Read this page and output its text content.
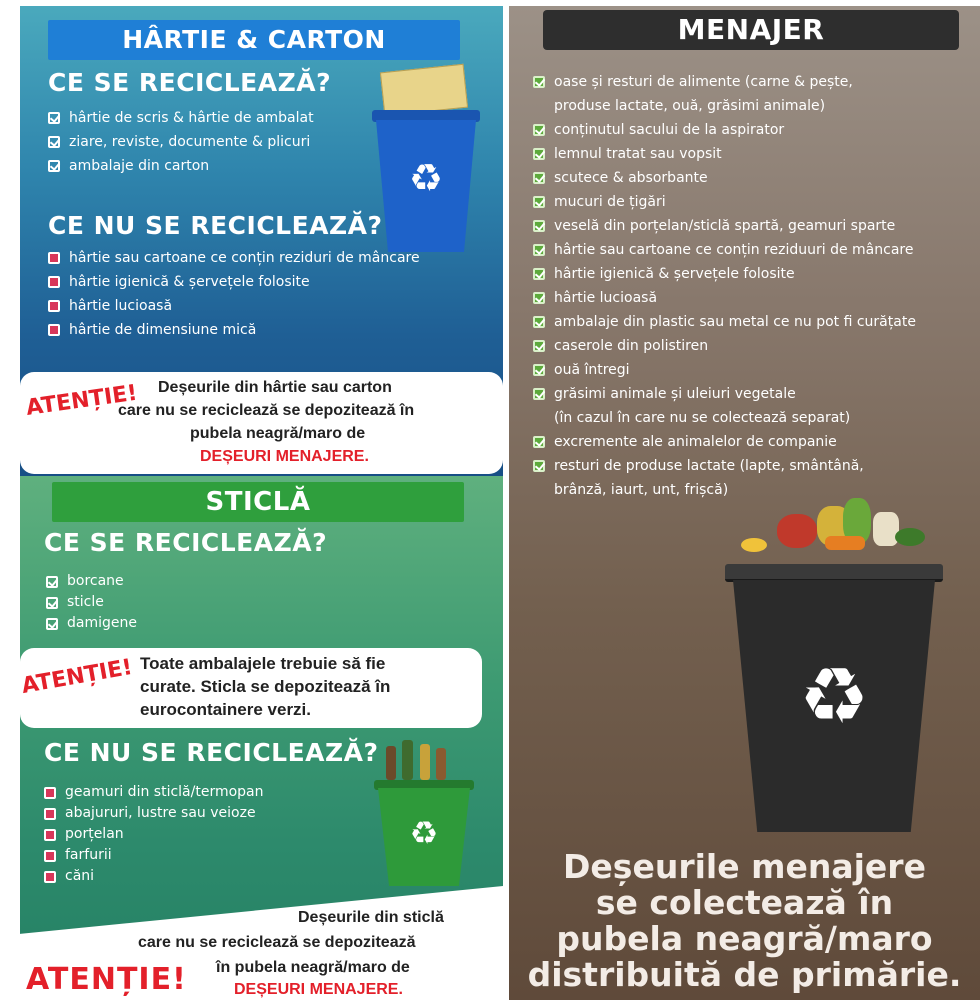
HÂRTIE & CARTON
CE SE RECICLEAZĂ?
hârtie de scris & hârtie de ambalat
ziare, reviste, documente & plicuri
ambalaje din carton	♻
CE NU SE RECICLEAZĂ?
hârtie sau cartoane ce conțin reziduri de mâncare
hârtie igienică & șervețele folosite
hârtie lucioasă
hârtie de dimensiune mică
ATENȚIE! Deșeurile din hârtie sau carton
care nu se reciclează se depozitează în
pubela neagră/maro de
DEȘEURI MENAJERE.
STICLĂ
CE SE RECICLEAZĂ?
borcane
sticle
damigene
ATENȚIE! Toate ambalajele trebuie să fie
curate. Sticla se depozitează în
eurocontainere verzi.
CE NU SE RECICLEAZĂ?
geamuri din sticlă/termopan
abajururi, lustre sau veioze
porțelan
farfurii
căni
♻
Deșeurile din sticlă
care nu se reciclează se depozitează
în pubela neagră/maro de
DEȘEURI MENAJERE.
ATENȚIE!
MENAJER
oase și resturi de alimente (carne & pește,
produse lactate, ouă, grăsimi animale)
conținutul sacului de la aspirator
lemnul tratat sau vopsit
scutece & absorbante
mucuri de țigări
veselă din porțelan/sticlă spartă, geamuri sparte
hârtie sau cartoane ce conțin reziduuri de mâncare
hârtie igienică & șervețele folosite
hârtie lucioasă
ambalaje din plastic sau metal ce nu pot fi curățate
caserole din polistiren
ouă întregi
grăsimi animale și uleiuri vegetale
(în cazul în care nu se colectează separat)
excremente ale animalelor de companie
resturi de produse lactate (lapte, smântână,
brânză, iaurt, unt, frișcă)
♻
Deșeurile menajere
se colectează în
pubela neagră/maro
distribuită de primărie.
